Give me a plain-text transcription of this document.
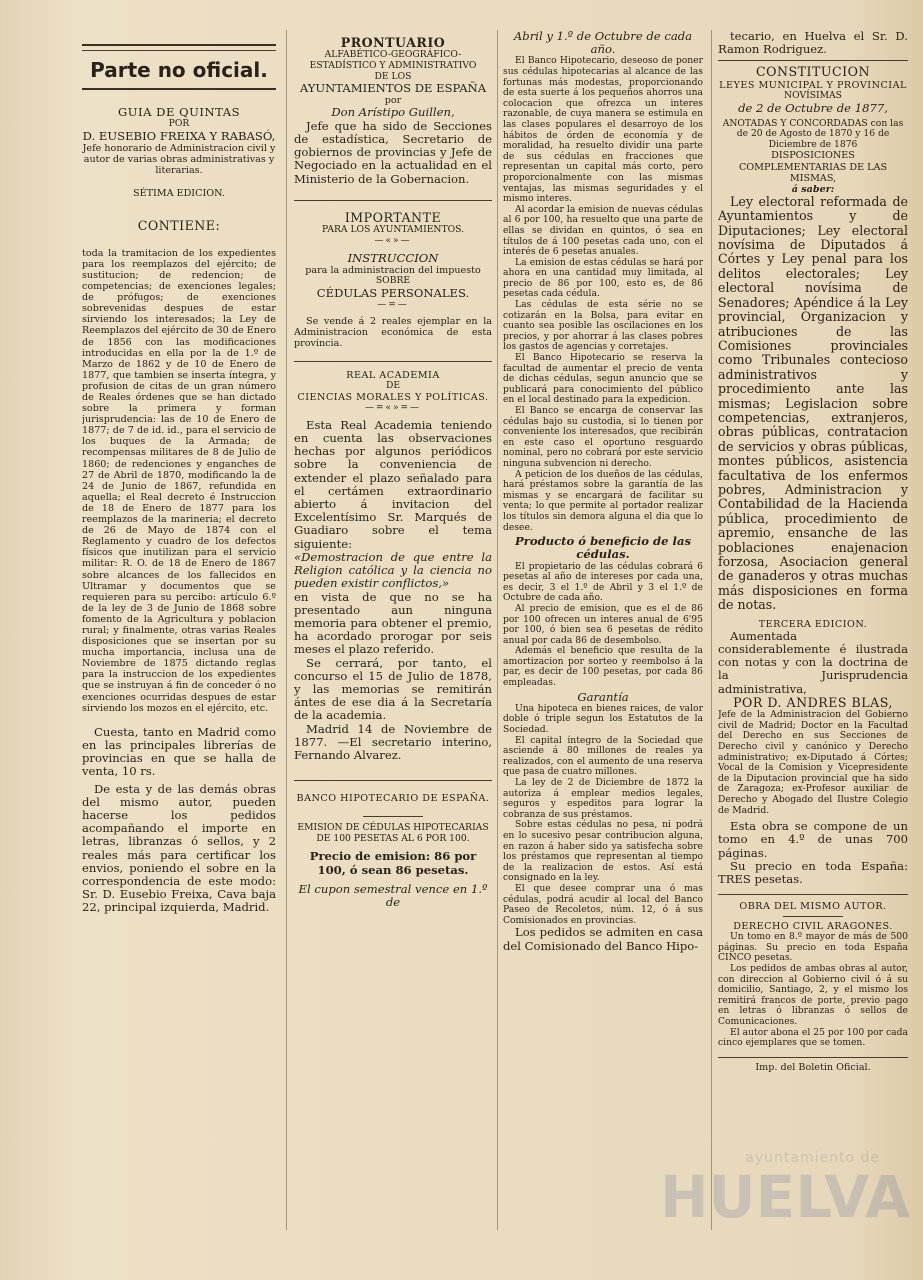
Parte no oficial.

GUIA DE QUINTAS

POR

D. EUSEBIO FREIXA Y RABASÓ,

Jefe honorario de Administracion civil y autor de varias obras administrativas y literarias.

SÉTIMA EDICION.

CONTIENE:

toda la tramitacion de los expedientes para los reemplazos del ejército; de sustitucion; de redencion; de competencias; de exenciones legales; de prófugos; de exenciones sobrevenidas despues de estar sirviendo los interesados; la Ley de Reemplazos del ejército de 30 de Enero de 1856 con las modificaciones introducidas en ella por la de 1.º de Marzo de 1862 y de 10 de Enero de 1877, que tambien se inserta íntegra, y profusion de citas de un gran número de Reales órdenes que se han dictado sobre la primera y forman jurisprudencia: las de 10 de Enero de 1877; de 7 de id. id., para el servicio de los buques de la Armada; de recompensas militares de 8 de Julio de 1860; de redenciones y enganches de 27 de Abril de 1870, modificando la de 24 de Junio de 1867, refundida en aquella; el Real decreto é Instruccion de 18 de Enero de 1877 para los reemplazos de la marineria; el decreto de 26 de Mayo de 1874 con el Reglamento y cuadro de los defectos físicos que inutilizan para el servicio militar: R. O. de 18 de Enero de 1867 sobre alcances de los fallecidos en Ultramar y documentos que se requieren para su percibo: artículo 6.º de la ley de 3 de Junio de 1868 sobre fomento de la Agricultura y poblacion rural; y finalmente, otras varias Reales disposiciones que se insertan por su mucha importancia, inclusa una de Noviembre de 1875 dictando reglas para la instruccion de los expedientes que se instruyan á fin de conceder ó no exenciones ocurridas despues de estar sirviendo los mozos en el ejército, etc.

Cuesta, tanto en Madrid como en las principales librerías de provincias en que se halla de venta, 10 rs.

De esta y de las demás obras del mismo autor, pueden hacerse los pedidos acompañando el importe en letras, libranzas ó sellos, y 2 reales más para certificar los envios, poniendo el sobre en la correspondencia de este modo: Sr. D. Eusebio Freixa, Cava baja 22, principal izquierda, Madrid.

PRONTUARIO

ALFABÉTICO-GEOGRÁFICO-ESTADÍSTICO Y ADMINISTRATIVO

DE LOS

AYUNTAMIENTOS DE ESPAÑA

por

Don Arístipo Guillen,

Jefe que ha sido de Secciones de estadística, Secretario de gobiernos de provincias y Jefe de Negociado en la actualidad en el Ministerio de la Gobernacion.

IMPORTANTE

PARA LOS AYUNTAMIENTOS.

—«»—

INSTRUCCION

para la administracion del impuesto

SOBRE

CÉDULAS PERSONALES.

—=—

Se vende á 2 reales ejemplar en la Administracion económica de esta provincia.

REAL ACADEMIA

DE

CIENCIAS MORALES Y POLÍTICAS.

—=«»=—

Esta Real Academia teniendo en cuenta las observaciones hechas por algunos periódicos sobre la conveniencia de extender el plazo señalado para el certámen extraordinario abierto á invitacion del Excelentísimo Sr. Marqués de Guadiaro sobre el tema siguiente:

«Demostracion de que entre la Religion católica y la ciencia no pueden existir conflictos,»

en vista de que no se ha presentado aun ninguna memoria para obtener el premio, ha acordado prorogar por seis meses el plazo referido.

Se cerrará, por tanto, el concurso el 15 de Julio de 1878, y las memorias se remitirán ántes de ese dia á la Secretaría de la academia.

Madrid 14 de Noviembre de 1877. —El secretario interino, Fernando Alvarez.

BANCO HIPOTECARIO DE ESPAÑA.

EMISION DE CÉDULAS HIPOTECARIAS DE 100 PESETAS AL 6 POR 100.

Precio de emision: 86 por 100, ó sean 86 pesetas.

El cupon semestral vence en 1.º de

Abril y 1.º de Octubre de cada año.

El Banco Hipotecario, deseoso de poner sus cédulas hipotecarias al alcance de las fortunas más modestas, proporcionando de esta suerte á los pequeños ahorros una colocacion que ofrezca un interes razonable, de cuya manera se estimula en las clases populares el desarroyo de los hábitos de órden de economía y de moralidad, ha resuelto dividir una parte de sus cédulas en fracciones que representan un capital más corto, pero proporcionalmente con las mismas ventajas, las mismas seguridades y el mismo interes.

Al acordar la emision de nuevas cédulas al 6 por 100, ha resuelto que una parte de ellas se dividan en quintos, ó sea en títulos de á 100 pesetas cada uno, con el interés de 6 pesetas anuales.

La emision de estas cédulas se hará por ahora en una cantidad muy limitada, al precio de 86 por 100, esto es, de 86 pesetas cada cédula.

Las cédulas de esta série no se cotizarán en la Bolsa, para evitar en cuanto sea posible las oscilaciones en los precios, y por ahorrar á las clases pobres los gastos de agencias y corretajes.

El Banco Hipotecario se reserva la facultad de aumentar el precio de venta de dichas cédulas, segun anuncio que se publicará para conocimiento del público en el local destinado para la expedicion.

El Banco se encarga de conservar las cédulas bajo su custodia, si lo tienen por conveniente los interesados, que recibirán en este caso el oportuno resguardo nominal, pero no cobrará por este servicio ninguna subvencion ni derecho.

A peticion de los dueños de las cédulas, hará préstamos sobre la garantía de las mismas y se encargará de facilitar su venta; lo que permite al portador realizar los títulos sin demora alguna el dia que lo desee.

Producto ó beneficio de las cédulas.

El propietario de las cédulas cobrará 6 pesetas al año de intereses por cada una, es decir, 3 el 1.º de Abril y 3 el 1.º de Octubre de cada año.

Al precio de emision, que es el de 86 por 100 ofrecen un interes anual de 6'95 por 100, ó bien sea 6 pesetas de rédito anual por cada 86 de desembolso.

Además el beneficio que resulta de la amortizacion por sorteo y reembolso á la par, es decir de 100 pesetas, por cada 86 empleadas.

Garantía

Una hipoteca en bienes raices, de valor doble ó triple segun los Estatutos de la Sociedad.

El capital íntegro de la Sociedad que asciende á 80 millones de reales ya realizados, con el aumento de una reserva que pasa de cuatro millones.

La ley de 2 de Diciembre de 1872 la autoriza á emplear medios legales, seguros y espeditos para lograr la cobranza de sus préstamos.

Sobre estas cédulas no pesa, ni podrá en lo sucesivo pesar contribucion alguna, en razon á haber sido ya satisfecha sobre los préstamos que representan al tiempo de la realizacion de estos. Así está consignado en la ley.

El que desee comprar una ó mas cédulas, podrá acudir al local del Banco Paseo de Recoletos, núm. 12, ó á sus Comisionados en provincias.

Los pedidos se admiten en casa del Comisionado del Banco Hipo-

tecario, en Huelva el Sr. D. Ramon Rodriguez.

CONSTITUCION

LEYES MUNICIPAL Y PROVINCIAL

NOVÍSIMAS

de 2 de Octubre de 1877,

ANOTADAS Y CONCORDADAS con las de 20 de Agosto de 1870 y 16 de Diciembre de 1876

DISPOSICIONES COMPLEMENTARIAS DE LAS MISMAS,

á saber:

Ley electoral reformada de Ayuntamientos y de Diputaciones; Ley electoral novísima de Diputados á Córtes y Ley penal para los delitos electorales; Ley electoral novísima de Senadores; Apéndice á la Ley provincial, Organizacion y atribuciones de las Comisiones provinciales como Tribunales contecioso administrativos y procedimiento ante las mismas; Legislacion sobre competencias, extranjeros, obras públicas, contratacion de servicios y obras públicas, montes públicos, asistencia facultativa de los enfermos pobres, Administracion y Contabilidad de la Hacienda pública, procedimiento de apremio, ensanche de las poblaciones enajenacion forzosa, Asociacion general de ganaderos y otras muchas más disposiciones en forma de notas.

TERCERA EDICION.

Aumentada considerablemente é ilustrada con notas y con la doctrina de la Jurisprudencia administrativa,

POR D. ANDRES BLAS,

Jefe de la Administracion del Gobierno civil de Madrid; Doctor en la Facultad del Derecho en sus Secciones de Derecho civil y canónico y Derecho administrativo; ex-Diputado á Córtes; Vocal de la Comision y Vicepresidente de la Diputacion provincial que ha sido de Zaragoza; ex-Profesor auxiliar de Derecho y Abogado del Ilustre Colegio de Madrid.

Esta obra se compone de un tomo en 4.º de unas 700 páginas.

Su precio en toda España: TRES pesetas.

OBRA DEL MISMO AUTOR.

DERECHO CIVIL ARAGONES.

Un tomo en 8.º mayor de más de 500 páginas. Su precio en toda España CINCO pesetas.

Los pedidos de ambas obras al autor, con direccion al Gobierno civil ó á su domicilio, Santiago, 2, y el mismo los remitirá francos de porte, previo pago en letras ó libranzas ó sellos de Comunicaciones.

El autor abona el 25 por 100 por cada cinco ejemplares que se tomen.

Imp. del Boletin Oficial.

ayuntamiento de
HUELVA
